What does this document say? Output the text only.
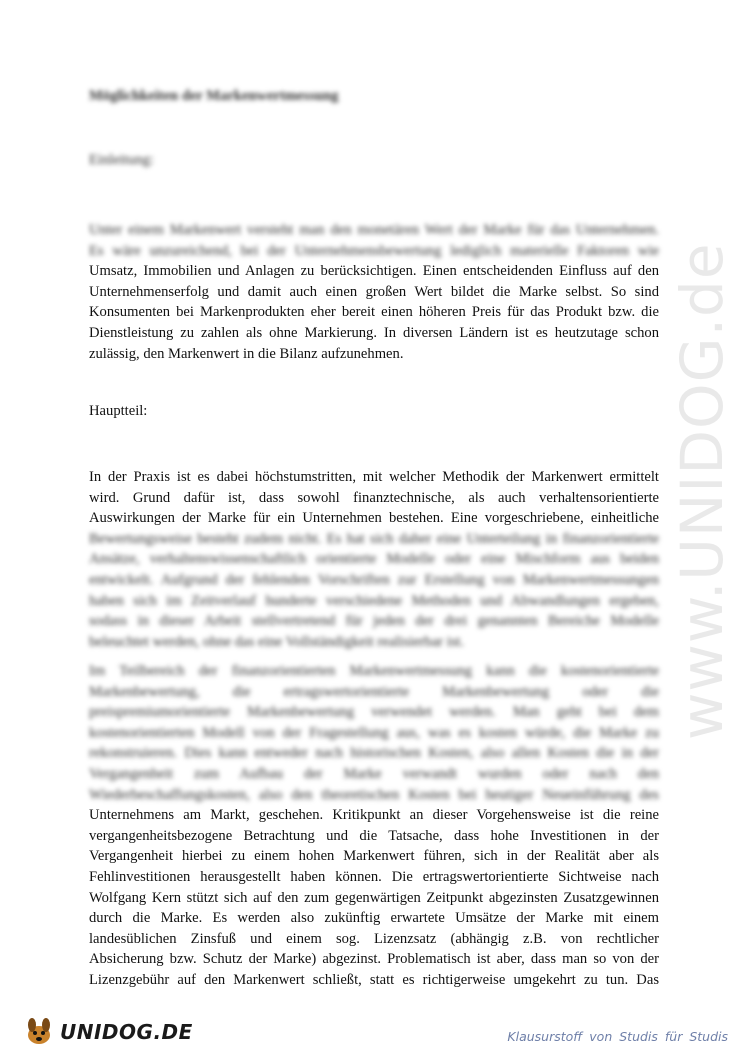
www.UNIDOG.de
Möglichkeiten der Markenwertmessung
Einleitung:
Unter einem Markenwert versteht man den monetären Wert der Marke für das Unternehmen.
Es wäre unzureichend, bei der Unternehmensbewertung lediglich materielle Faktoren wie
Umsatz, Immobilien und Anlagen zu berücksichtigen. Einen entscheidenden Einfluss auf den
Unternehmenserfolg und damit auch einen großen Wert bildet die Marke selbst. So sind
Konsumenten bei Markenprodukten eher bereit einen höheren Preis für das Produkt bzw. die
Dienstleistung zu zahlen als ohne Markierung. In diversen Ländern ist es heutzutage schon
zulässig, den Markenwert in die Bilanz aufzunehmen.
Hauptteil:
In der Praxis ist es dabei höchstumstritten, mit welcher Methodik der Markenwert ermittelt
wird. Grund dafür ist, dass sowohl finanztechnische, als auch verhaltensorientierte
Auswirkungen der Marke für ein Unternehmen bestehen. Eine vorgeschriebene, einheitliche
Bewertungsweise besteht zudem nicht. Es hat sich daher eine Unterteilung in finanzorientierte
Ansätze, verhaltenswissenschaftlich orientierte Modelle oder eine Mischform aus beiden
entwickelt. Aufgrund der fehlenden Vorschriften zur Erstellung von Markenwertmessungen
haben sich im Zeitverlauf hunderte verschiedene Methoden und Abwandlungen ergeben,
sodass in dieser Arbeit stellvertretend für jeden der drei genannten Bereiche Modelle
beleuchtet werden, ohne das eine Vollständigkeit realisierbar ist.
Im Teilbereich der finanzorientierten Markenwertmessung kann die kostenorientierte
Markenbewertung, die ertragswertorientierte Markenbewertung oder die
preispremiumorientierte Markenbewertung verwendet werden. Man geht bei dem
kostenorientierten Modell von der Fragestellung aus, was es kosten würde, die Marke zu
rekonstruieren. Dies kann entweder nach historischen Kosten, also allen Kosten die in der
Vergangenheit zum Aufbau der Marke verwandt wurden oder nach den
Wiederbeschaffungskosten, also den theoretischen Kosten bei heutiger Neueinführung des
Unternehmens am Markt, geschehen. Kritikpunkt an dieser Vorgehensweise ist die reine
vergangenheitsbezogene Betrachtung und die Tatsache, dass hohe Investitionen in der
Vergangenheit hierbei zu einem hohen Markenwert führen, sich in der Realität aber als
Fehlinvestitionen herausgestellt haben können. Die ertragswertorientierte Sichtweise nach
Wolfgang Kern stützt sich auf den zum gegenwärtigen Zeitpunkt abgezinsten Zusatzgewinnen
durch die Marke. Es werden also zukünftig erwartete Umsätze der Marke mit einem
landesüblichen Zinsfuß und einem sog. Lizenzsatz (abhängig z.B. von rechtlicher
Absicherung bzw. Schutz der Marke) abgezinst. Problematisch ist aber, dass man so von der
Lizenzgebühr auf den Markenwert schließt, statt es richtigerweise umgekehrt zu tun. Das
UNIDOG.DE	Klausurstoff von Studis für Studis
